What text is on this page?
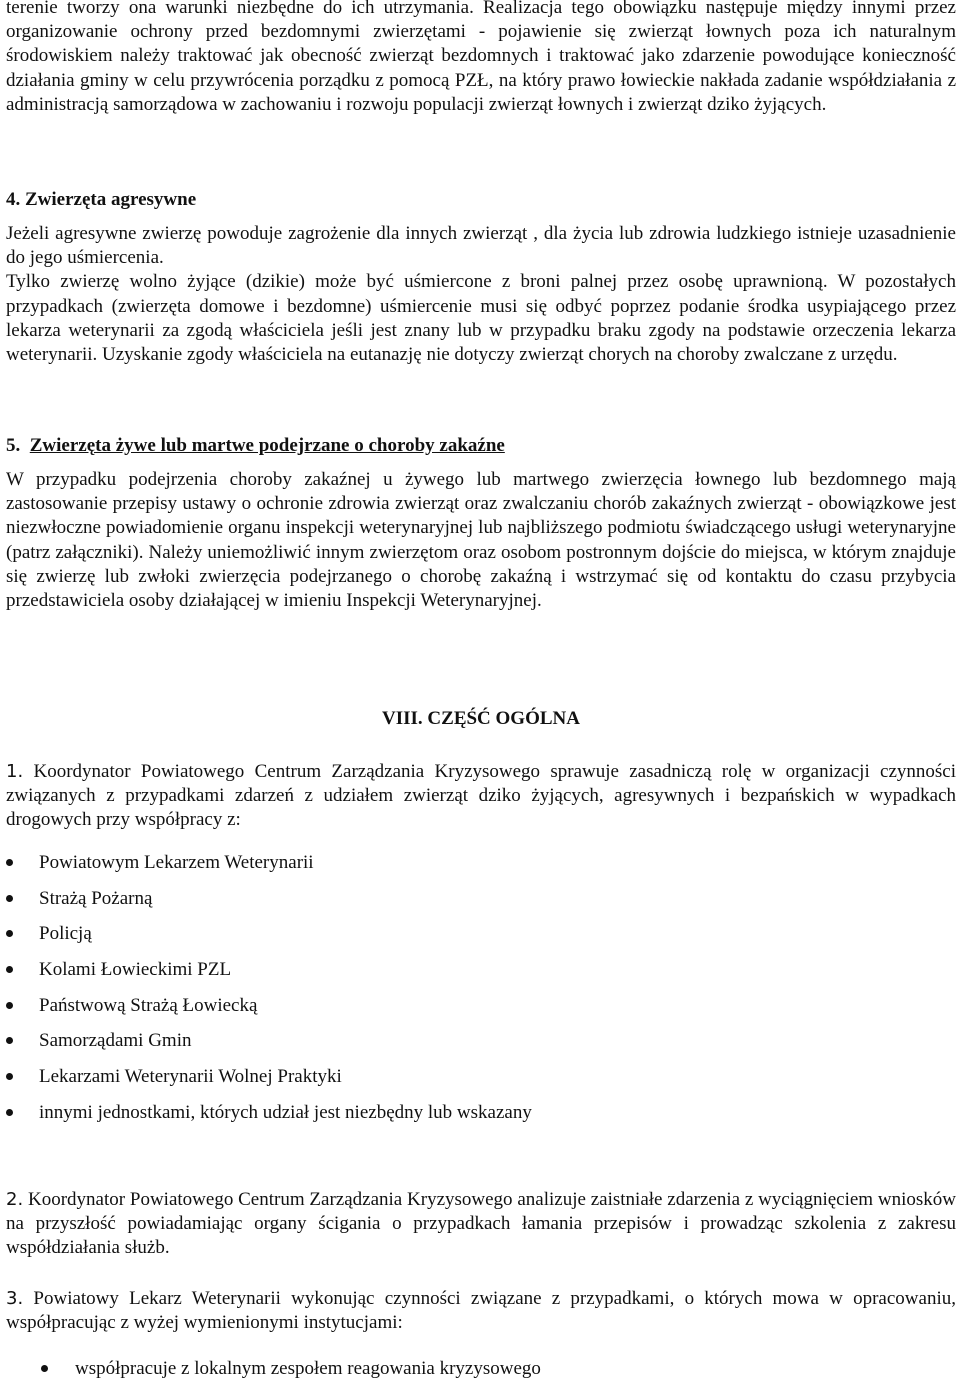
terenie tworzy ona warunki niezbędne do ich utrzymania. Realizacja tego obowiązku następuje między innymi przez organizowanie ochrony przed bezdomnymi zwierzętami - pojawienie się zwierząt łownych poza ich naturalnym środowiskiem należy traktować jak obecność zwierząt bezdomnych i traktować jako zdarzenie powodujące konieczność działania gminy w celu przywrócenia porządku z pomocą PZŁ, na który prawo łowieckie nakłada zadanie współdziałania z administracją samorządowa w zachowaniu i rozwoju populacji zwierząt łownych i zwierząt dziko żyjących.

4. Zwierzęta agresywne

Jeżeli agresywne zwierzę powoduje zagrożenie dla innych zwierząt , dla życia lub zdrowia ludzkiego istnieje uzasadnienie do jego uśmiercenia.

Tylko zwierzę wolno żyjące (dzikie) może być uśmiercone z broni palnej przez osobę uprawnioną. W pozostałych przypadkach (zwierzęta domowe i bezdomne) uśmiercenie musi się odbyć poprzez podanie środka usypiającego przez lekarza weterynarii za zgodą właściciela jeśli jest znany lub w przypadku braku zgody na podstawie orzeczenia lekarza weterynarii. Uzyskanie zgody właściciela na eutanazję nie dotyczy zwierząt chorych na choroby zwalczane z urzędu.

5. Zwierzęta żywe lub martwe podejrzane o choroby zakaźne

W przypadku podejrzenia choroby zakaźnej u żywego lub martwego zwierzęcia łownego lub bezdomnego mają zastosowanie przepisy ustawy o ochronie zdrowia zwierząt oraz zwalczaniu chorób zakaźnych zwierząt - obowiązkowe jest niezwłoczne powiadomienie organu inspekcji weterynaryjnej lub najbliższego podmiotu świadczącego usługi weterynaryjne (patrz załączniki). Należy uniemożliwić innym zwierzętom oraz osobom postronnym dojście do miejsca, w którym znajduje się zwierzę lub zwłoki zwierzęcia podejrzanego o chorobę zakaźną i wstrzymać się od kontaktu do czasu przybycia przedstawiciela osoby działającej w imieniu Inspekcji Weterynaryjnej.

VIII. CZĘŚĆ OGÓLNA

1. Koordynator Powiatowego Centrum Zarządzania Kryzysowego sprawuje zasadniczą rolę w organizacji czynności związanych z przypadkami zdarzeń z udziałem zwierząt dziko żyjących, agresywnych i bezpańskich w wypadkach drogowych przy współpracy z:

Powiatowym Lekarzem Weterynarii
Strażą Pożarną
Policją
Kolami Łowieckimi PZL
Państwową Strażą Łowiecką
Samorządami Gmin
Lekarzami Weterynarii Wolnej Praktyki
innymi jednostkami, których udział jest niezbędny lub wskazany

2. Koordynator Powiatowego Centrum Zarządzania Kryzysowego analizuje zaistniałe zdarzenia z wyciągnięciem wniosków na przyszłość powiadamiając organy ścigania o przypadkach łamania przepisów i prowadząc szkolenia z zakresu współdziałania służb.

3. Powiatowy Lekarz Weterynarii wykonując czynności związane z przypadkami, o których mowa w opracowaniu, współpracując z wyżej wymienionymi instytucjami:

współpracuje z lokalnym zespołem reagowania kryzysowego
